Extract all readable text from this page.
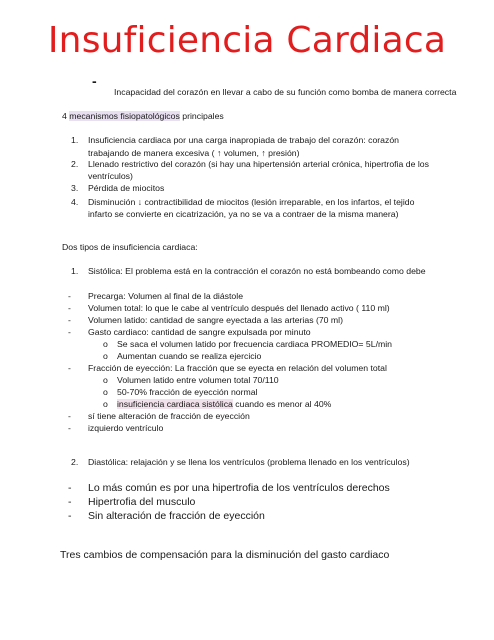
Insuficiencia Cardiaca
-
Incapacidad del corazón en llevar a cabo de su función como bomba de manera correcta
4 mecanismos fisiopatológicos principales
1. Insuficiencia cardiaca por una carga inapropiada de trabajo del corazón: corazón
trabajando de manera excesiva ( ↑ volumen, ↑ presión)
2. Llenado restrictivo del corazón (si hay una hipertensión arterial crónica, hipertrofia de los
ventrículos)
3. Pérdida de miocitos
4. Disminución ↓ contractibilidad de miocitos (lesión irreparable, en los infartos, el tejido
infarto se convierte en cicatrización, ya no se va a contraer de la misma manera)
Dos tipos de insuficiencia cardiaca:
1. Sistólica: El problema está en la contracción el corazón no está bombeando como debe
- Precarga: Volumen al final de la diástole
- Volumen total: lo que le cabe al ventrículo después del llenado activo ( 110 ml)
- Volumen latido: cantidad de sangre eyectada a las arterias (70 ml)
- Gasto cardiaco: cantidad de sangre expulsada por minuto
o Se saca el volumen latido por frecuencia cardiaca PROMEDIO= 5L/min
o Aumentan cuando se realiza ejercicio
- Fracción de eyección: La fracción que se eyecta en relación del volumen total
o Volumen latido entre volumen total 70/110
o 50-70% fracción de eyección normal
o insuficiencia cardiaca sistólica cuando es menor al 40%
- sí tiene alteración de fracción de eyección
- izquierdo ventrículo
2. Diastólica: relajación y se llena los ventrículos (problema llenado en los ventrículos)
- Lo más común es por una hipertrofia de los ventrículos derechos
- Hipertrofia del musculo
- Sin alteración de fracción de eyección
Tres cambios de compensación para la disminución del gasto cardiaco
